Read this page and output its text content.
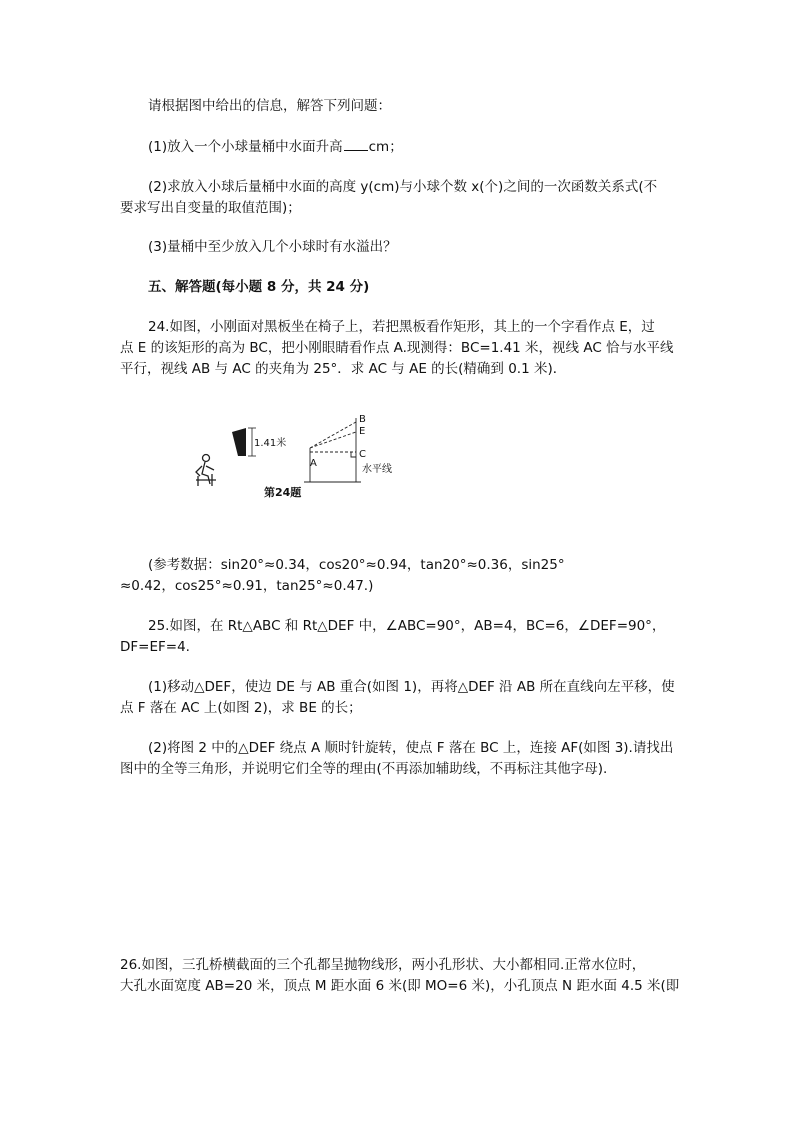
请根据图中给出的信息，解答下列问题：
(1)放入一个小球量桶中水面升高 cm；
(2)求放入小球后量桶中水面的高度 y(cm)与小球个数 x(个)之间的一次函数关系式(不
要求写出自变量的取值范围)；
(3)量桶中至少放入几个小球时有水溢出？
五、解答题(每小题 8 分，共 24 分)
24.如图，小刚面对黑板坐在椅子上，若把黑板看作矩形，其上的一个字看作点 E，过
点 E 的该矩形的高为 BC，把小刚眼睛看作点 A.现测得：BC=1.41 米，视线 AC 恰与水平线
平行，视线 AB 与 AC 的夹角为 25°．求 AC 与 AE 的长(精确到 0.1 米)．
1.41米
A
B
E
C
水平线
第24题
(参考数据：sin20°≈0.34，cos20°≈0.94，tan20°≈0.36，sin25°
≈0.42，cos25°≈0.91，tan25°≈0.47.)
25.如图，在 Rt△ABC 和 Rt△DEF 中，∠ABC=90°，AB=4，BC=6，∠DEF=90°，
DF=EF=4.
(1)移动△DEF，使边 DE 与 AB 重合(如图 1)，再将△DEF 沿 AB 所在直线向左平移，使
点 F 落在 AC 上(如图 2)，求 BE 的长；
(2)将图 2 中的△DEF 绕点 A 顺时针旋转，使点 F 落在 BC 上，连接 AF(如图 3).请找出
图中的全等三角形，并说明它们全等的理由(不再添加辅助线，不再标注其他字母).
26.如图，三孔桥横截面的三个孔都呈抛物线形，两小孔形状、大小都相同.正常水位时，
大孔水面宽度 AB=20 米，顶点 M 距水面 6 米(即 MO=6 米)，小孔顶点 N 距水面 4.5 米(即
